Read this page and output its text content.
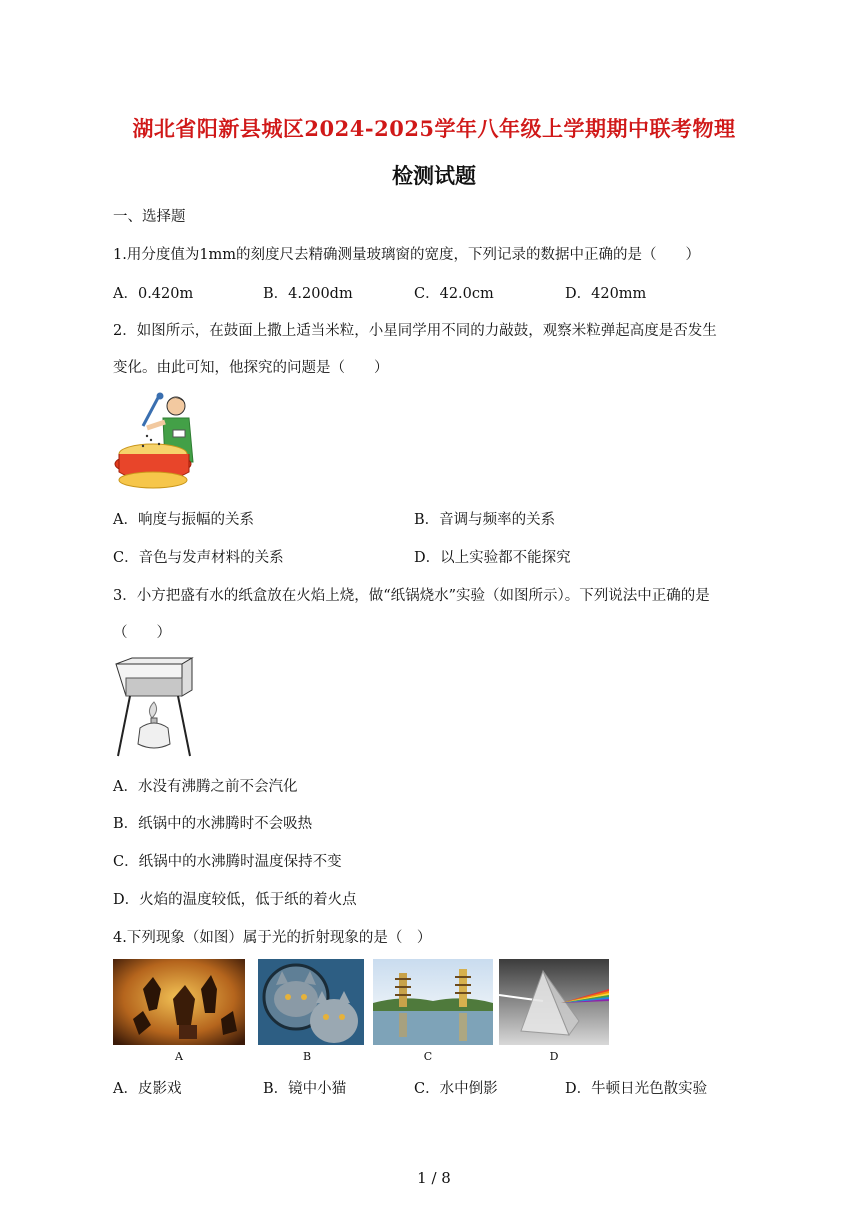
湖北省阳新县城区2024-2025学年八年级上学期期中联考物理
检测试题
一、选择题
1.用分度值为1mm的刻度尺去精确测量玻璃窗的宽度，下列记录的数据中正确的是（　　）
A．0.420m	B．4.200dm	C．42.0cm	D．420mm
2．如图所示，在鼓面上撒上适当米粒，小星同学用不同的力敲鼓，观察米粒弹起高度是否发生
变化。由此可知，他探究的问题是（　　）
A．响度与振幅的关系	B．音调与频率的关系
C．音色与发声材料的关系	D．以上实验都不能探究
3．小方把盛有水的纸盒放在火焰上烧，做“纸锅烧水”实验（如图所示）。下列说法中正确的是
（　　）
A．水没有沸腾之前不会汽化
B．纸锅中的水沸腾时不会吸热
C．纸锅中的水沸腾时温度保持不变
D．火焰的温度较低，低于纸的着火点
4.下列现象（如图）属于光的折射现象的是（　）
A	B	C	D
A．皮影戏	B．镜中小猫	C．水中倒影	D．牛顿日光色散实验
1 / 8
